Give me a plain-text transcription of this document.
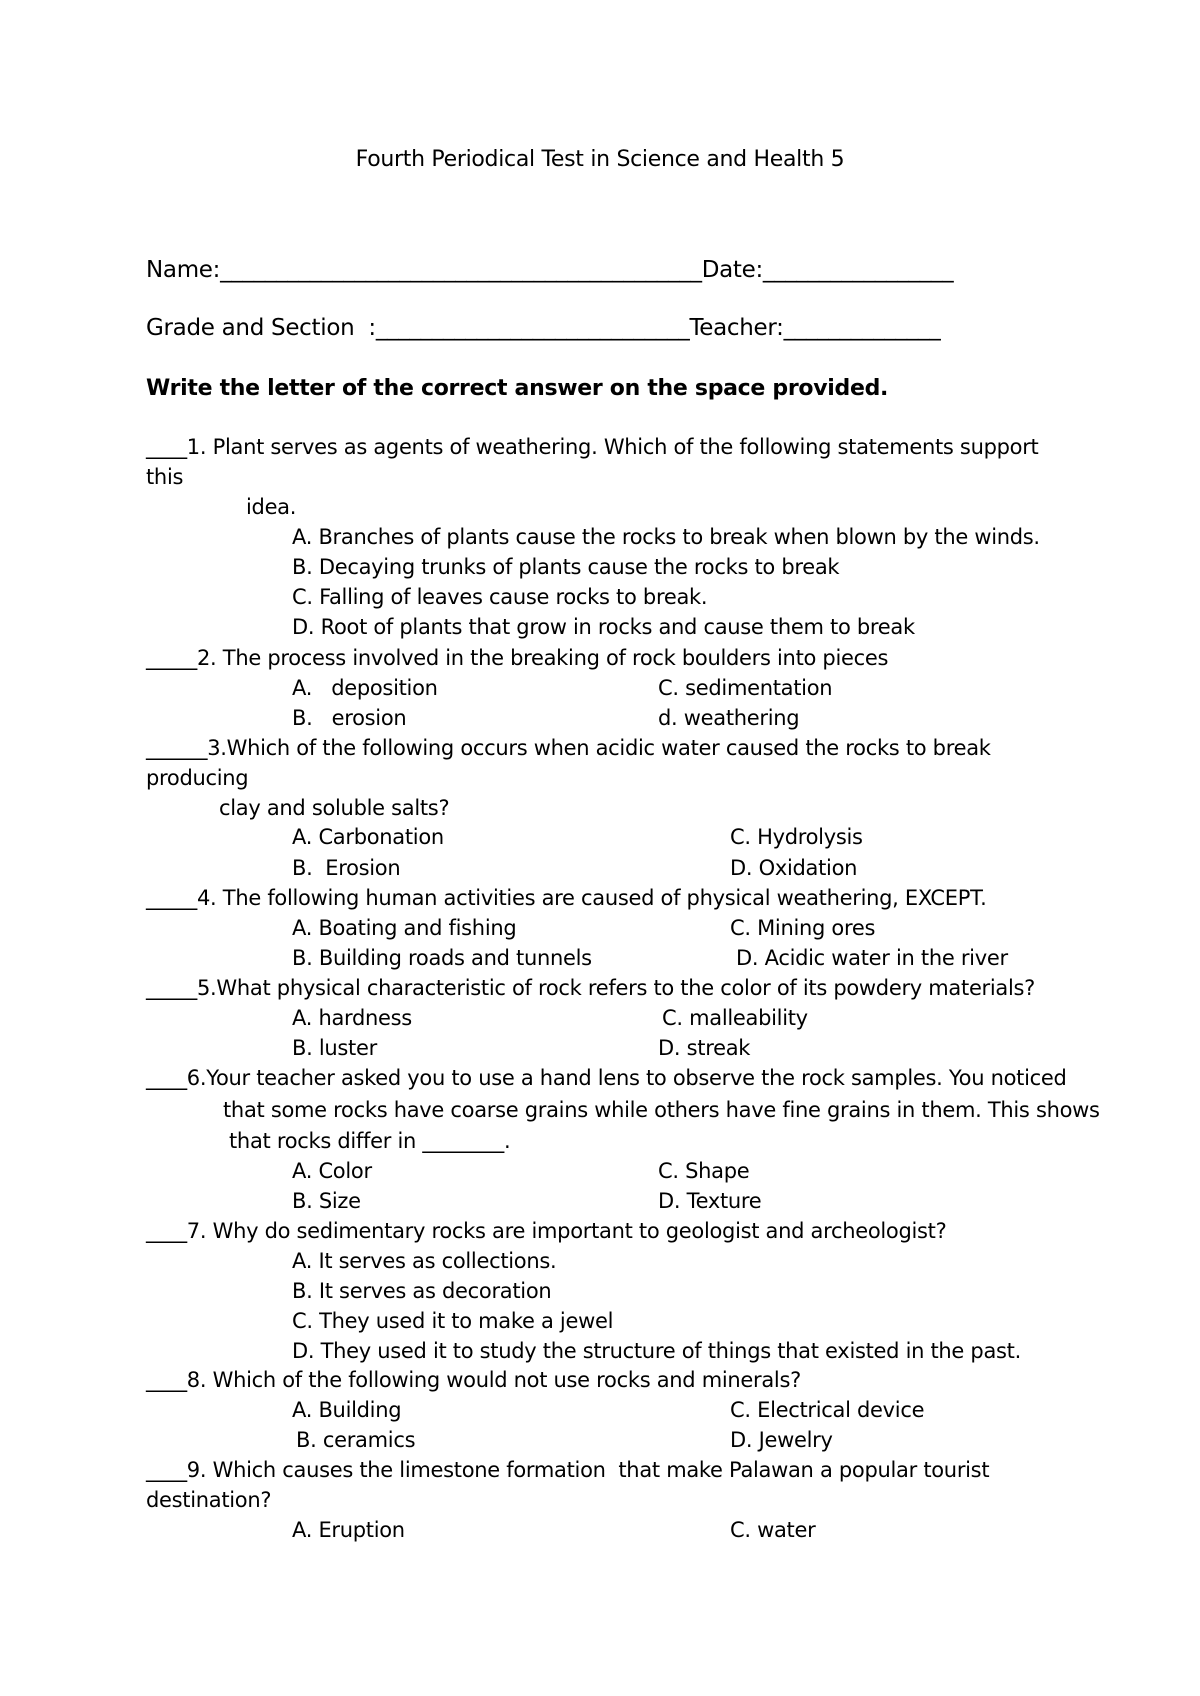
Fourth Periodical Test in Science and Health 5
Name:___________________________________________Date:_________________
Grade and Section  :____________________________Teacher:______________
Write the letter of the correct answer on the space provided.
____1. Plant serves as agents of weathering. Which of the following statements support
this
idea.
A. Branches of plants cause the rocks to break when blown by the winds.
B. Decaying trunks of plants cause the rocks to break
C. Falling of leaves cause rocks to break.
D. Root of plants that grow in rocks and cause them to break
_____2. The process involved in the breaking of rock boulders into pieces
A.   deposition	C. sedimentation
B.   erosion	d. weathering
______3.Which of the following occurs when acidic water caused the rocks to break
producing
clay and soluble salts?
A. Carbonation	C. Hydrolysis
B.  Erosion	D. Oxidation
_____4. The following human activities are caused of physical weathering, EXCEPT.
A. Boating and fishing	C. Mining ores
B. Building roads and tunnels	D. Acidic water in the river
_____5.What physical characteristic of rock refers to the color of its powdery materials?
A. hardness	C. malleability
B. luster	D. streak
____6.Your teacher asked you to use a hand lens to observe the rock samples. You noticed
that some rocks have coarse grains while others have fine grains in them. This shows
that rocks differ in ________.
A. Color	C. Shape
B. Size	D. Texture
____7. Why do sedimentary rocks are important to geologist and archeologist?
A. It serves as collections.
B. It serves as decoration
C. They used it to make a jewel
D. They used it to study the structure of things that existed in the past.
____8. Which of the following would not use rocks and minerals?
A. Building	C. Electrical device
B. ceramics	D. Jewelry
____9. Which causes the limestone formation  that make Palawan a popular tourist
destination?
A. Eruption	C. water
